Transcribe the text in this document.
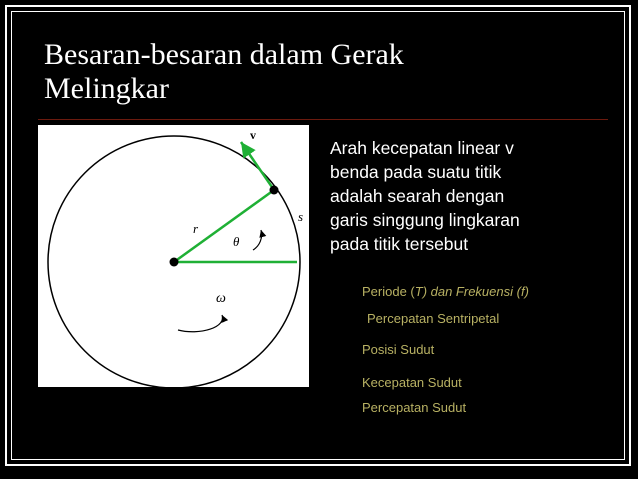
Besaran-besaran dalam Gerak
Melingkar
v
r
s
θ
ω
Arah kecepatan linear v
benda pada suatu titik
adalah searah dengan
garis singgung lingkaran
pada titik tersebut
Periode (T) dan Frekuensi (f)
Percepatan Sentripetal
Posisi Sudut
Kecepatan Sudut
Percepatan Sudut
